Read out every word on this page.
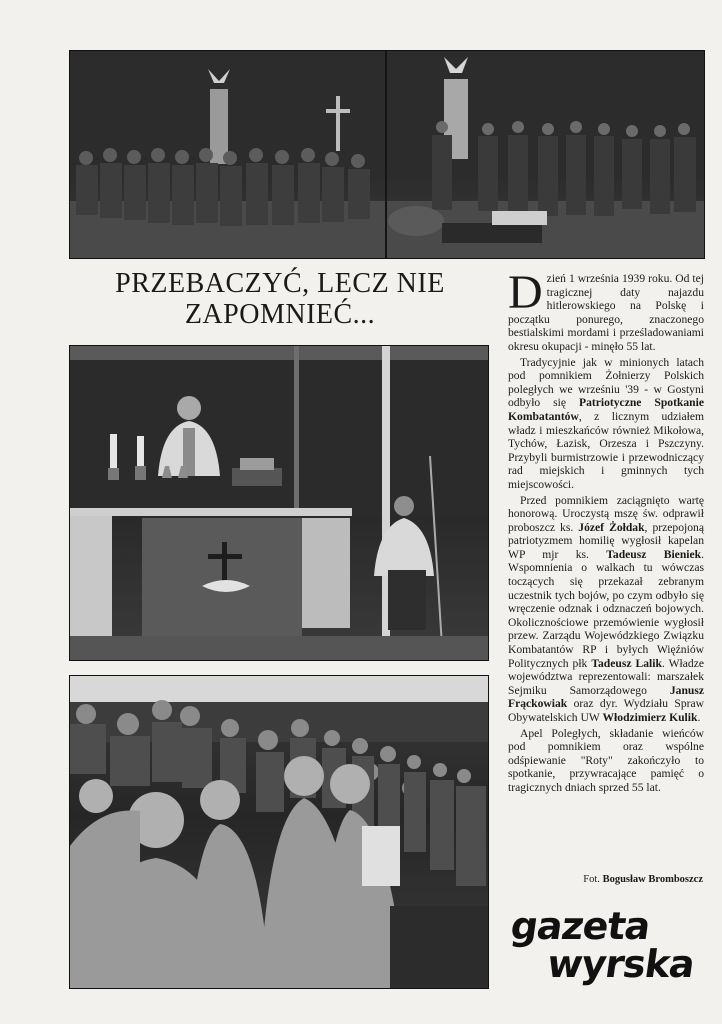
PRZEBACZYĆ, LECZ NIE
ZAPOMNIEĆ...	Dzień 1 września 1939 roku. Od tej tragicznej daty najazdu hitlerowskiego na Polskę i początku ponurego, znaczonego bestialskimi mordami i prześladowaniami okresu okupacji - minęło 55 lat.

Tradycyjnie jak w minionych latach pod pomnikiem Żołnierzy Polskich poległych we wrześniu '39 - w Gostyni odbyło się Patriotyczne Spotkanie Kombatantów, z licznym udziałem władz i mieszkańców również Mikołowa, Tychów, Łazisk, Orzesza i Pszczyny. Przybyli burmistrzowie i przewodniczący rad miejskich i gminnych tych miejscowości.

Przed pomnikiem zaciągnięto wartę honorową. Uroczystą mszę św. odprawił proboszcz ks. Józef Żołdak, przepojoną patriotyzmem homilię wygłosił kapelan WP mjr ks. Tadeusz Bieniek. Wspomnienia o walkach tu wówczas toczących się przekazał zebranym uczestnik tych bojów, po czym odbyło się wręczenie odznak i odznaczeń bojowych. Okolicznościowe przemówienie wygłosił przew. Zarządu Wojewódzkiego Związku Kombatantów RP i byłych Więźniów Politycznych płk Tadeusz Lalik. Władze województwa reprezentowali: marszałek Sejmiku Samorządowego Janusz Frąckowiak oraz dyr. Wydziału Spraw Obywatelskich UW Włodzimierz Kulik.

Apel Poległych, składanie wieńców pod pomnikiem oraz wspólne odśpiewanie "Roty" zakończyło to spotkanie, przywracające pamięć o tragicznych dniach sprzed 55 lat.

Fot. Bogusław Bromboszcz
gazeta
wyrska
